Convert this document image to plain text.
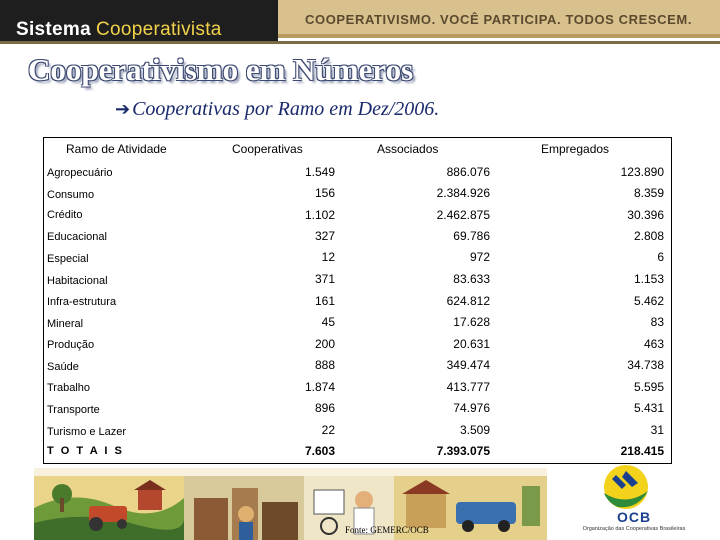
Sistema Cooperativista	COOPERATIVISMO. VOCÊ PARTICIPA. TODOS CRESCEM.
Cooperativismo em Números
➔ Cooperativas por Ramo em Dez/2006.
Ramo de Atividade	Cooperativas	Associados	Empregados
Agropecuário	1.549	886.076	123.890
Consumo	156	2.384.926	8.359
Crédito	1.102	2.462.875	30.396
Educacional	327	69.786	2.808
Especial	12	972	6
Habitacional	371	83.633	1.153
Infra-estrutura	161	624.812	5.462
Mineral	45	17.628	83
Produção	200	20.631	463
Saúde	888	349.474	34.738
Trabalho	1.874	413.777	5.595
Transporte	896	74.976	5.431
Turismo e Lazer	22	3.509	31
T O T A I S	7.603	7.393.075	218.415
OCB
Organização das Cooperativas Brasileiras
Fonte: GEMERC/OCB
